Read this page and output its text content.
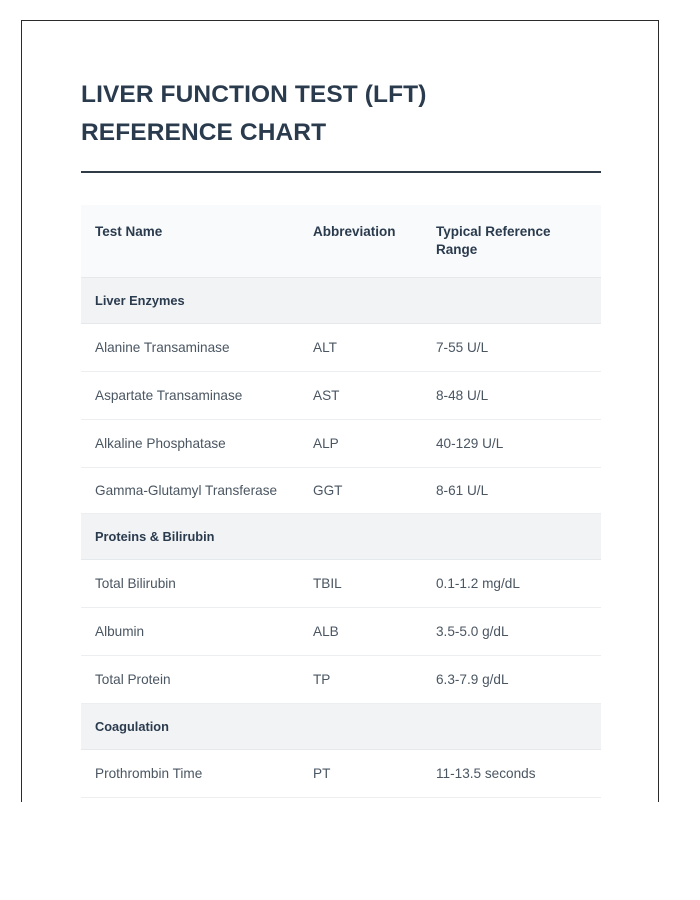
LIVER FUNCTION TEST (LFT) REFERENCE CHART
Test Name	Abbreviation	Typical Reference Range
Liver Enzymes		
Alanine Transaminase	ALT	7-55 U/L
Aspartate Transaminase	AST	8-48 U/L
Alkaline Phosphatase	ALP	40-129 U/L
Gamma-Glutamyl Transferase	GGT	8-61 U/L
Proteins & Bilirubin		
Total Bilirubin	TBIL	0.1-1.2 mg/dL
Albumin	ALB	3.5-5.0 g/dL
Total Protein	TP	6.3-7.9 g/dL
Coagulation		
Prothrombin Time	PT	11-13.5 seconds
